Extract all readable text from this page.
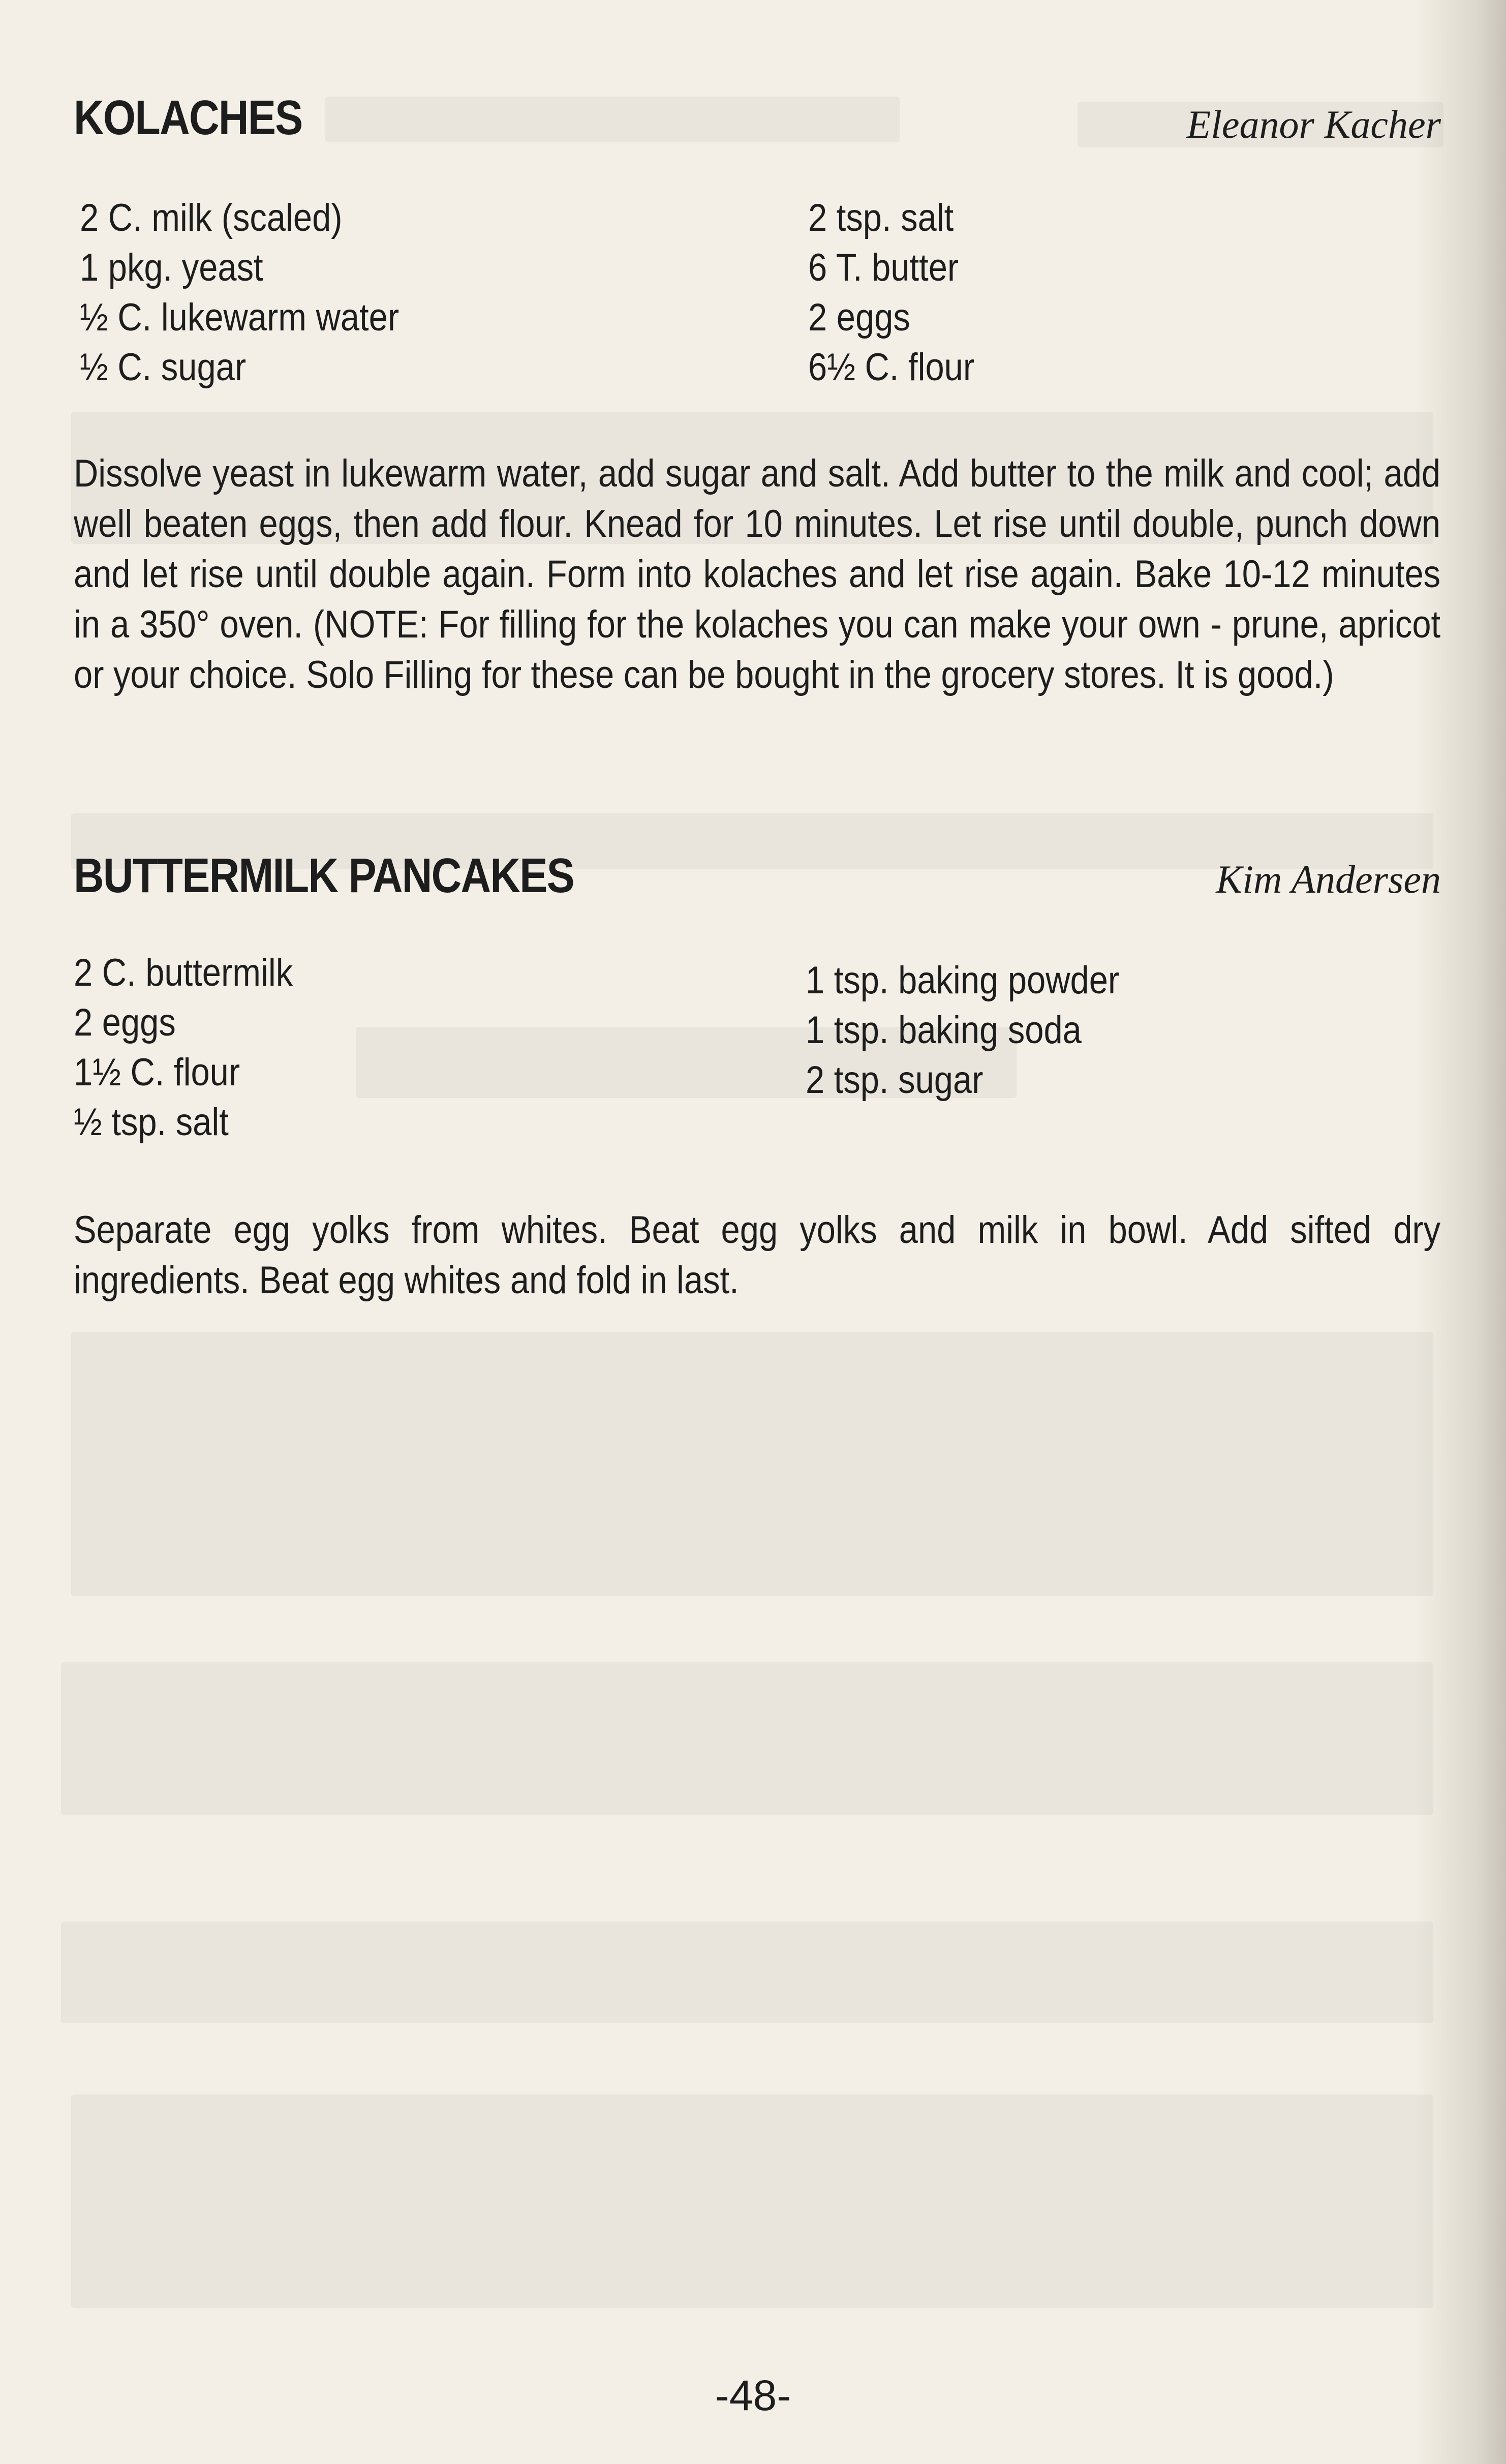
KOLACHES	Eleanor Kacher
2 C. milk (scaled)
1 pkg. yeast
½ C. lukewarm water
½ C. sugar
2 tsp. salt
6 T. butter
2 eggs
6½ C. flour
Dissolve yeast in lukewarm water, add sugar and salt. Add butter to the milk and cool; add well beaten eggs, then add flour. Knead for 10 minutes. Let rise until double, punch down and let rise until double again. Form into kolaches and let rise again. Bake 10-12 minutes in a 350° oven. (NOTE: For filling for the kolaches you can make your own - prune, apricot or your choice. Solo Filling for these can be bought in the grocery stores. It is good.)
BUTTERMILK PANCAKES	Kim Andersen
2 C. buttermilk
2 eggs
1½ C. flour
½ tsp. salt
1 tsp. baking powder
1 tsp. baking soda
2 tsp. sugar
Separate egg yolks from whites. Beat egg yolks and milk in bowl. Add sifted dry ingredients. Beat egg whites and fold in last.
-48-
